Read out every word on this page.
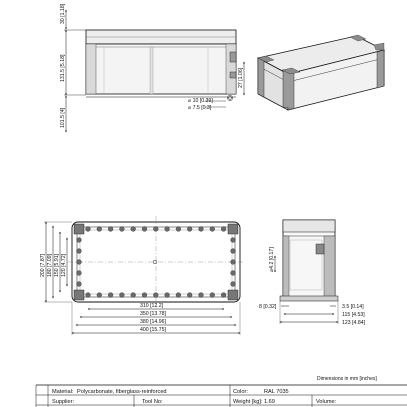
30 [1.18]
131.5 [5.18]
101.5 [4]
27 [1.06]
⌀ 10 [0.39]
⌀ 7.5 [0.3]
200 [7.87] 180 [7.09] 150 [5.91] 120 [4.72]
310 [12.2]
350 [13.78]
380 [14.96]
400 [15.75]
⌀4.2 [0.17]
8 [0.32]	3.5 [0.14]
115 [4.53]
123 [4.84]
Dimensions in mm [inches]
Material: Polycarbonate, fiberglass-reinforced	Color:	RAL 7035
Supplier:	Tool No:	Weight [kg]: 1.69	Volume:
